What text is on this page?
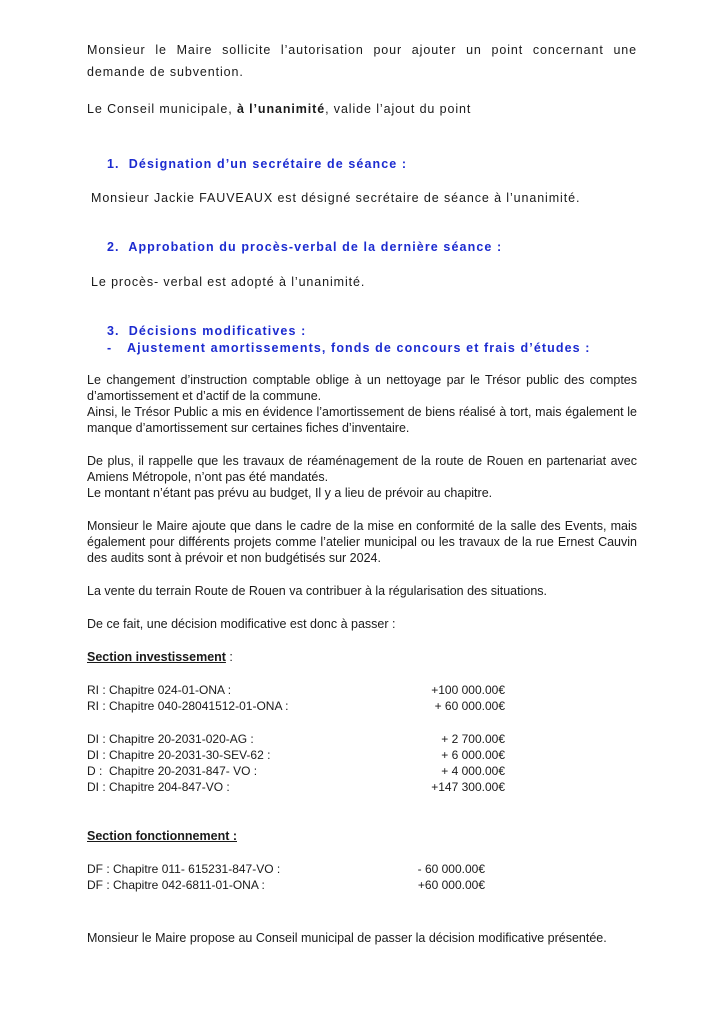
Monsieur le Maire sollicite l’autorisation pour ajouter un point concernant une
demande de subvention.
Le Conseil municipale, à l’unanimité, valide l’ajout du point
1. Désignation d’un secrétaire de séance :
Monsieur Jackie FAUVEAUX est désigné secrétaire de séance à l’unanimité.
2. Approbation du procès-verbal de la dernière séance :
Le procès- verbal est adopté à l’unanimité.
3. Décisions modificatives :
- Ajustement amortissements, fonds de concours et frais d’études :
Le changement d’instruction comptable oblige à un nettoyage par le Trésor public des comptes d’amortissement et d’actif de la commune.
Ainsi, le Trésor Public a mis en évidence l’amortissement de biens réalisé à tort, mais également le manque d’amortissement sur certaines fiches d’inventaire.
De plus, il rappelle que les travaux de réaménagement de la route de Rouen en partenariat avec Amiens Métropole, n’ont pas été mandatés.
Le montant n’étant pas prévu au budget, Il y a lieu de prévoir au chapitre.
Monsieur le Maire ajoute que dans le cadre de la mise en conformité de la salle des Events, mais également pour différents projets comme l’atelier municipal ou les travaux de la rue Ernest Cauvin des audits sont à prévoir et non budgétisés sur 2024.
La vente du terrain Route de Rouen va contribuer à la régularisation des situations.
De ce fait, une décision modificative est donc à passer :
Section investissement :
RI : Chapitre 024-01-ONA :	+100 000.00€
RI : Chapitre 040-28041512-01-ONA :	+ 60 000.00€
DI : Chapitre 20-2031-020-AG :	+ 2 700.00€
DI : Chapitre 20-2031-30-SEV-62 :	+ 6 000.00€
D :  Chapitre 20-2031-847- VO :	+ 4 000.00€
DI : Chapitre 204-847-VO :	+147 300.00€
Section fonctionnement :
DF : Chapitre 011- 615231-847-VO :	- 60 000.00€
DF : Chapitre 042-6811-01-ONA :	+60 000.00€
Monsieur le Maire propose au Conseil municipal de passer la décision modificative présentée.
